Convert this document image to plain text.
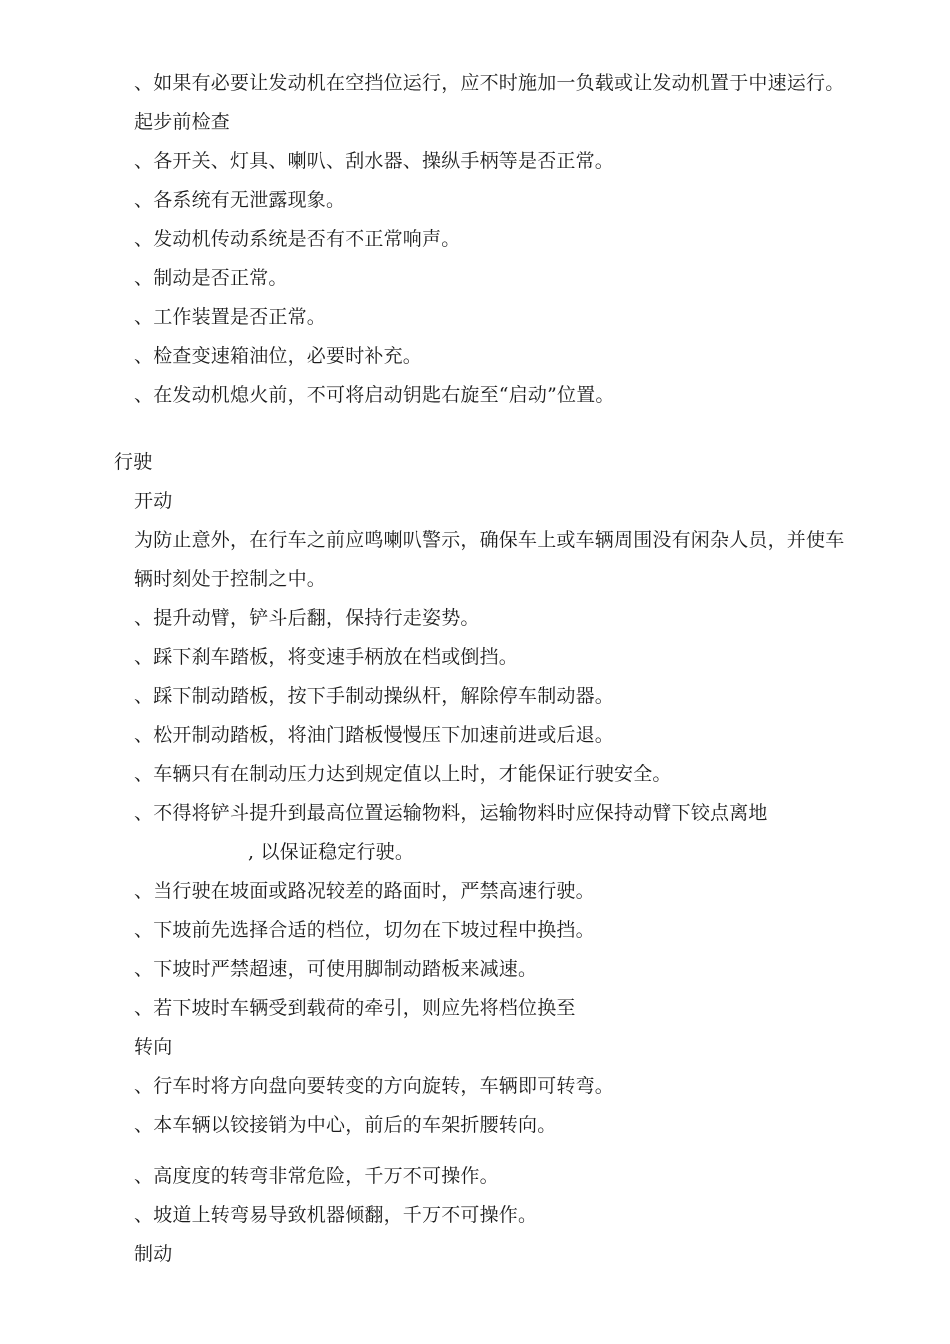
、如果有必要让发动机在空挡位运行，应不时施加一负载或让发动机置于中速运行。
起步前检查
、各开关、灯具、喇叭、刮水器、操纵手柄等是否正常。
、各系统有无泄露现象。
、发动机传动系统是否有不正常响声。
、制动是否正常。
、工作装置是否正常。
、检查变速箱油位，必要时补充。
、在发动机熄火前，不可将启动钥匙右旋至“启动”位置。
行驶
开动
为防止意外，在行车之前应鸣喇叭警示，确保车上或车辆周围没有闲杂人员，并使车
辆时刻处于控制之中。
、提升动臂，铲斗后翻，保持行走姿势。
、踩下刹车踏板，将变速手柄放在档或倒挡。
、踩下制动踏板，按下手制动操纵杆，解除停车制动器。
、松开制动踏板，将油门踏板慢慢压下加速前进或后退。
、车辆只有在制动压力达到规定值以上时，才能保证行驶安全。
、不得将铲斗提升到最高位置运输物料，运输物料时应保持动臂下铰点离地
, 以保证稳定行驶。
、当行驶在坡面或路况较差的路面时，严禁高速行驶。
、下坡前先选择合适的档位，切勿在下坡过程中换挡。
、下坡时严禁超速，可使用脚制动踏板来减速。
、若下坡时车辆受到载荷的牵引，则应先将档位换至
转向
、行车时将方向盘向要转变的方向旋转，车辆即可转弯。
、本车辆以铰接销为中心，前后的车架折腰转向。
、高度度的转弯非常危险，千万不可操作。
、坡道上转弯易导致机器倾翻，千万不可操作。
制动
